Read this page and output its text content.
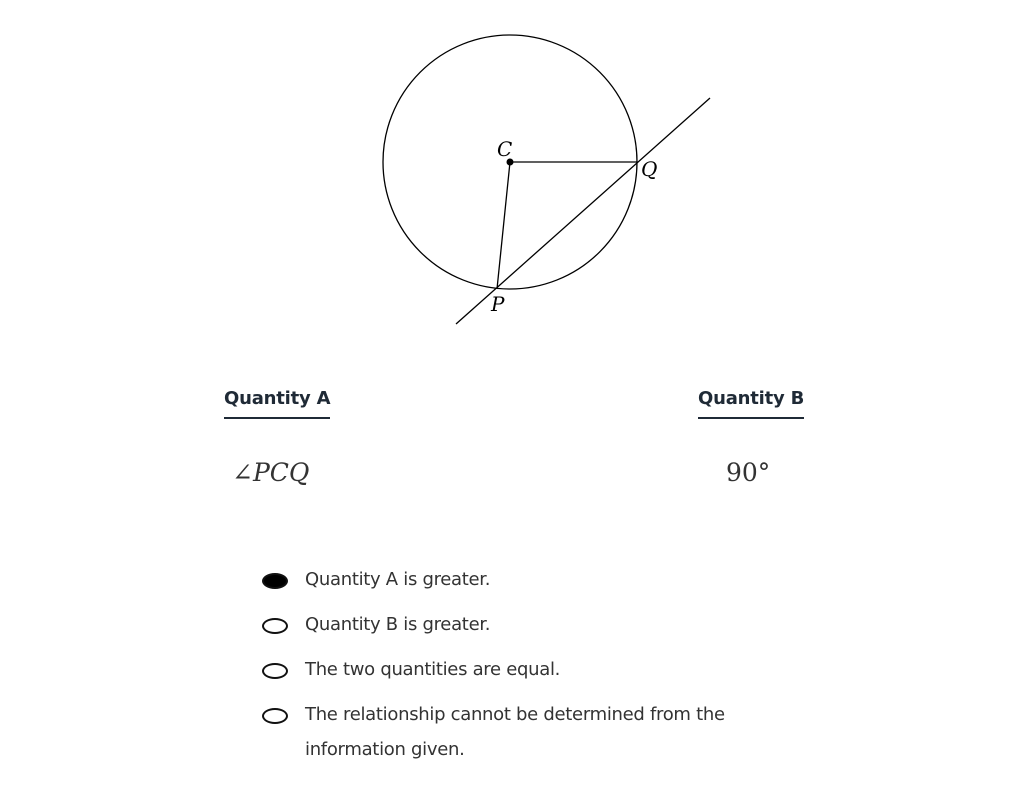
C
Q
P
Quantity A	Quantity B
∠PCQ	90°
Quantity A is greater.
Quantity B is greater.
The two quantities are equal.
The relationship cannot be determined from the information given.
